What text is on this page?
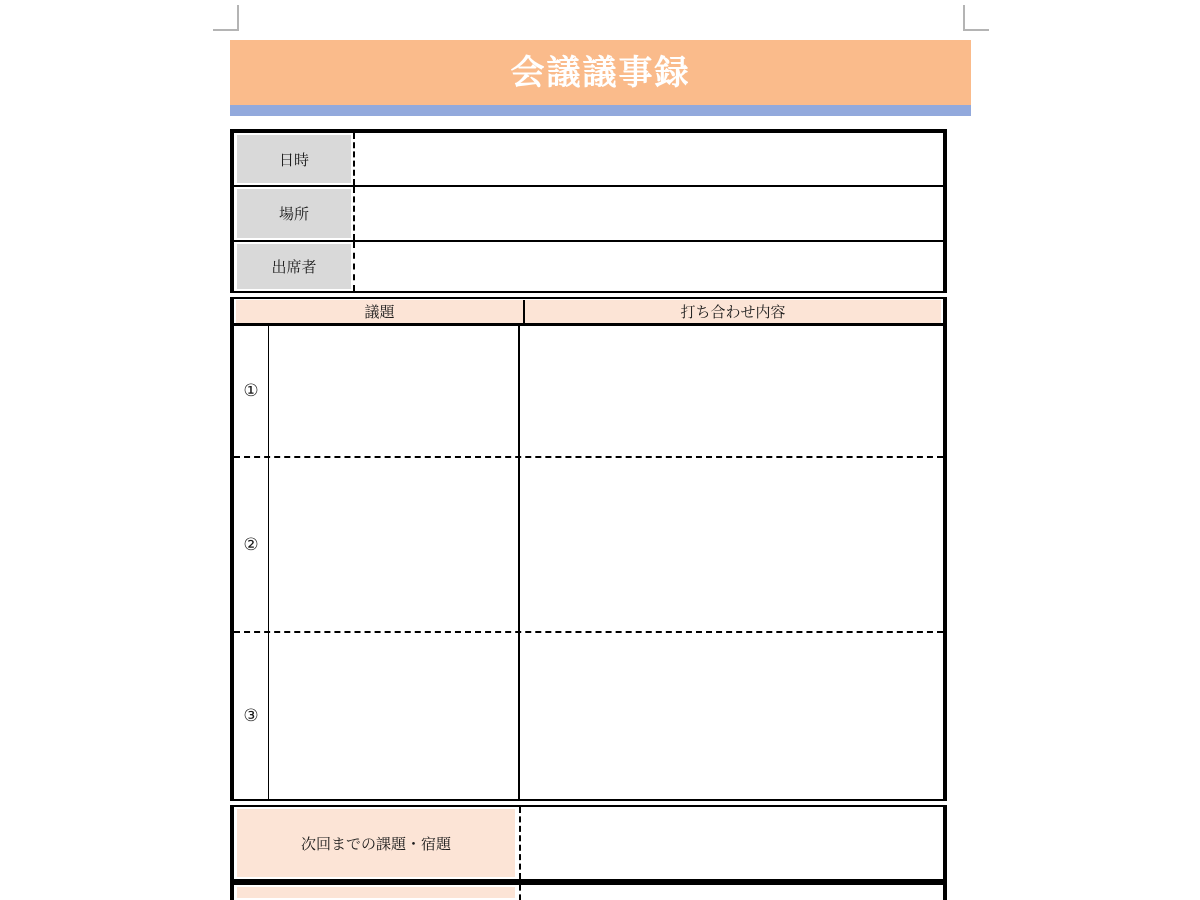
会議議事録
日時
場所
出席者
議題	打ち合わせ内容
①
②
③
次回までの課題・宿題
